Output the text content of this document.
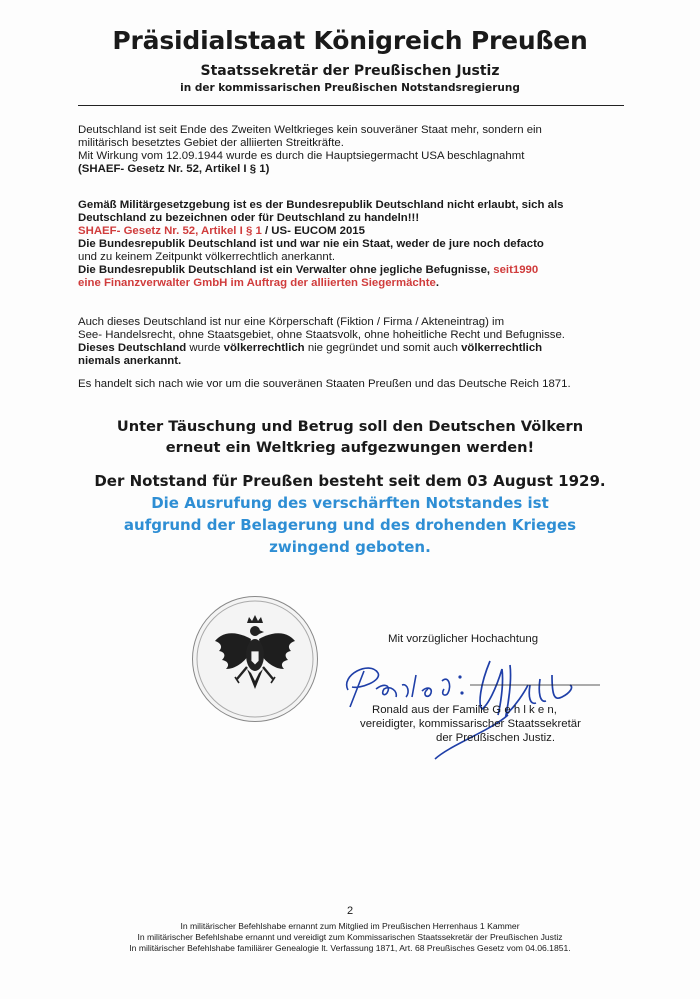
Präsidialstaat Königreich Preußen
Staatssekretär der Preußischen Justiz
in der kommissarischen Preußischen Notstandsregierung
Deutschland ist seit Ende des Zweiten Weltkrieges kein souveräner Staat mehr, sondern ein
militärisch besetztes Gebiet der alliierten Streitkräfte.
Mit Wirkung vom 12.09.1944 wurde es durch die Hauptsiegermacht USA beschlagnahmt
(SHAEF- Gesetz Nr. 52, Artikel I § 1)
Gemäß Militärgesetzgebung ist es der Bundesrepublik Deutschland nicht erlaubt, sich als
Deutschland zu bezeichnen oder für Deutschland zu handeln!!!
SHAEF- Gesetz Nr. 52, Artikel I § 1 / US- EUCOM 2015
Die Bundesrepublik Deutschland ist und war nie ein Staat, weder de jure noch defacto
und zu keinem Zeitpunkt völkerrechtlich anerkannt.
Die Bundesrepublik Deutschland ist ein Verwalter ohne jegliche Befugnisse, seit1990
eine Finanzverwalter GmbH im Auftrag der alliierten Siegermächte.
Auch dieses Deutschland ist nur eine Körperschaft (Fiktion / Firma / Akteneintrag) im
See- Handelsrecht, ohne Staatsgebiet, ohne Staatsvolk, ohne hoheitliche Recht und Befugnisse.
Dieses Deutschland wurde völkerrechtlich nie gegründet und somit auch völkerrechtlich
niemals anerkannt.
Es handelt sich nach wie vor um die souveränen Staaten Preußen und das Deutsche Reich 1871.
Unter Täuschung und Betrug soll den Deutschen Völkern
erneut ein Weltkrieg aufgezwungen werden!
Der Notstand für Preußen besteht seit dem 03 August 1929.
Die Ausrufung des verschärften Notstandes ist
aufgrund der Belagerung und des drohenden Krieges
zwingend geboten.
Mit vorzüglicher Hochachtung
Ronald aus der Familie G e h l k e n,
vereidigter, kommissarischer Staatssekretär
der Preußischen Justiz.
2
In militärischer Befehlshabe ernannt zum Mitglied im Preußischen Herrenhaus 1 Kammer
In militärischer Befehlshabe ernannt und vereidigt zum Kommissarischen Staatssekretär der Preußischen Justiz
In militärischer Befehlshabe familiärer Genealogie lt. Verfassung 1871, Art. 68 Preußisches Gesetz vom 04.06.1851.
